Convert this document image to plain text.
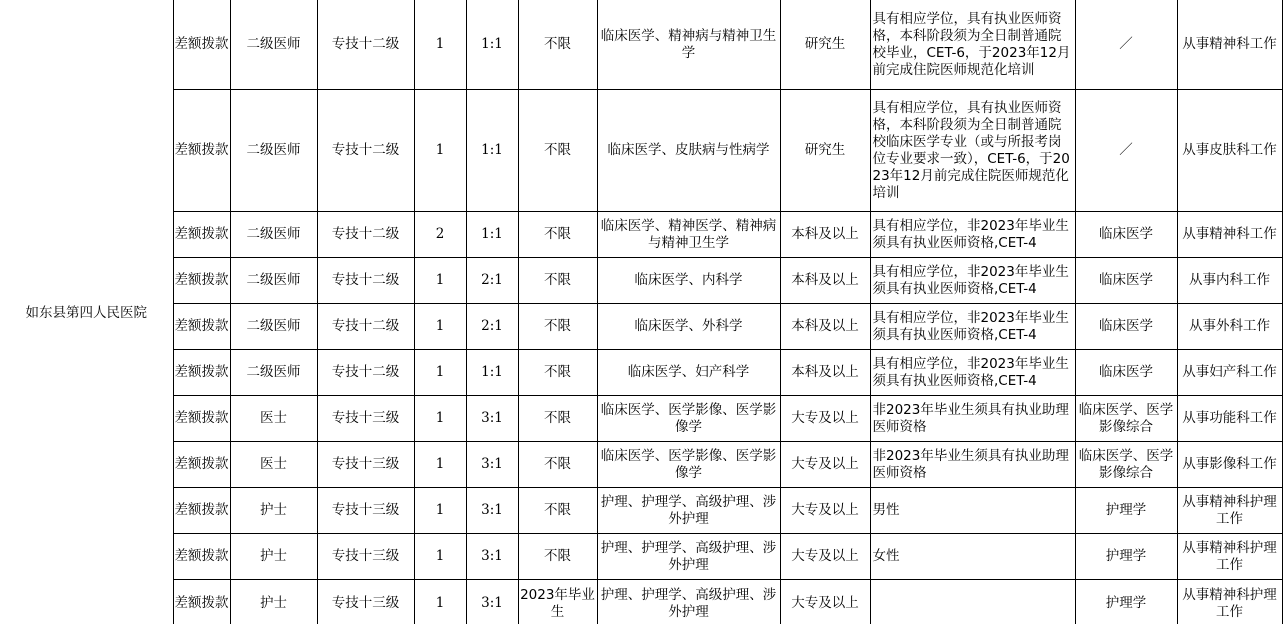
如东县第四人民医院	差额拨款	二级医师	专技十二级	1	1:1	不限	临床医学、精神病与精神卫生学	研究生	具有相应学位，具有执业医师资格，本科阶段须为全日制普通院校毕业，CET-6，于2023年12月前完成住院医师规范化培训	／	从事精神科工作
	差额拨款	二级医师	专技十二级	1	1:1	不限	临床医学、皮肤病与性病学	研究生	具有相应学位，具有执业医师资格，本科阶段须为全日制普通院校临床医学专业（或与所报考岗位专业要求一致），CET-6，于2023年12月前完成住院医师规范化培训	／	从事皮肤科工作
	差额拨款	二级医师	专技十二级	2	1:1	不限	临床医学、精神医学、精神病与精神卫生学	本科及以上	具有相应学位，非2023年毕业生须具有执业医师资格,CET-4	临床医学	从事精神科工作
	差额拨款	二级医师	专技十二级	1	2:1	不限	临床医学、内科学	本科及以上	具有相应学位，非2023年毕业生须具有执业医师资格,CET-4	临床医学	从事内科工作
	差额拨款	二级医师	专技十二级	1	2:1	不限	临床医学、外科学	本科及以上	具有相应学位，非2023年毕业生须具有执业医师资格,CET-4	临床医学	从事外科工作
	差额拨款	二级医师	专技十二级	1	1:1	不限	临床医学、妇产科学	本科及以上	具有相应学位，非2023年毕业生须具有执业医师资格,CET-4	临床医学	从事妇产科工作
	差额拨款	医士	专技十三级	1	3:1	不限	临床医学、医学影像、医学影像学	大专及以上	非2023年毕业生须具有执业助理医师资格	临床医学、医学影像综合	从事功能科工作
	差额拨款	医士	专技十三级	1	3:1	不限	临床医学、医学影像、医学影像学	大专及以上	非2023年毕业生须具有执业助理医师资格	临床医学、医学影像综合	从事影像科工作
	差额拨款	护士	专技十三级	1	3:1	不限	护理、护理学、高级护理、涉外护理	大专及以上	男性	护理学	从事精神科护理工作
	差额拨款	护士	专技十三级	1	3:1	不限	护理、护理学、高级护理、涉外护理	大专及以上	女性	护理学	从事精神科护理工作
	差额拨款	护士	专技十三级	1	3:1	2023年毕业生	护理、护理学、高级护理、涉外护理	大专及以上		护理学	从事精神科护理工作
